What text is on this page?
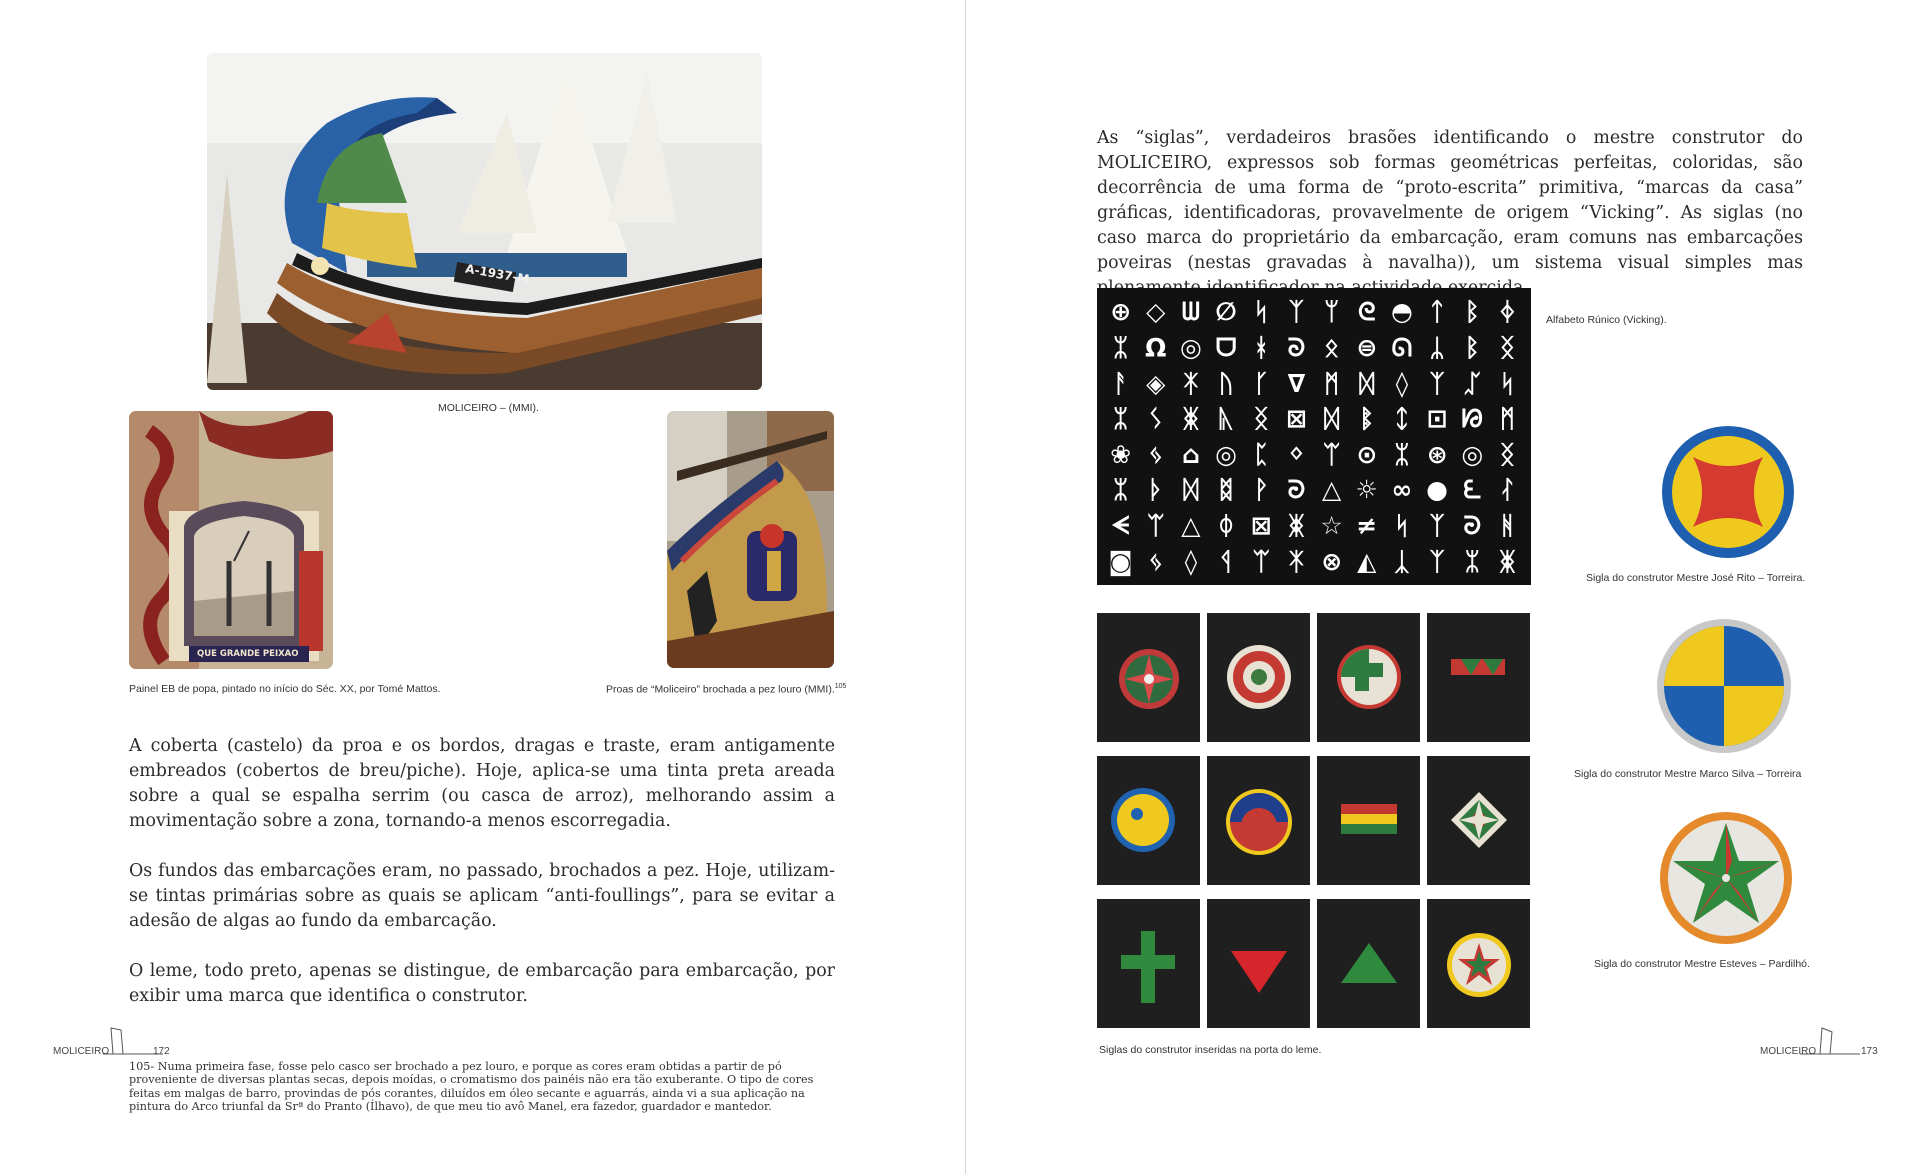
A-1937-M
MOLICEIRO – (MMI).
QUE GRANDE PEIXAO
Painel EB de popa, pintado no início do Séc. XX, por Tomé Mattos.	Proas de “Moliceiro” brochada a pez louro (MMI).$^{105}$

A coberta (castelo) da proa e os bordos, dragas e traste, eram antigamente embreados (cobertos de breu/piche). Hoje, aplica-se uma tinta preta areada sobre a qual se espalha serrim (ou casca de arroz), melhorando assim a movimentação sobre a zona, tornando-a menos escorregadia.

Os fundos das embarcações eram, no passado, brochados a pez. Hoje, utilizam-se tintas primárias sobre as quais se aplicam “anti-foullings”, para se evitar a adesão de algas ao fundo da embarcação.

O leme, todo preto, apenas se distingue, de embarcação para embarcação, por exibir uma marca que identifica o construtor.

MOLICEIRO	172
105- Numa primeira fase, fosse pelo casco ser brochado a pez louro, e porque as cores eram obtidas a partir de pó proveniente de diversas plantas secas, depois moídas, o cromatismo dos painéis não era tão exuberante. O tipo de cores feitas em malgas de barro, provindas de pós corantes, diluídos em óleo secante e aguarrás, ainda vi a sua aplicação na pintura do Arco triunfal da Srª do Pranto (Ílhavo), de que meu tio avô Manel, era fazedor, guardador e mantedor.
As “siglas”, verdadeiros brasões identificando o mestre construtor do MOLICEIRO, expressos sob formas geométricas perfeitas, coloridas, são decorrência de uma forma de “proto-escrita” primitiva, “marcas da casa” gráficas, identificadoras, provavelmente de origem “Vicking”. As siglas (no caso marca do proprietário da embarcação, eram comuns nas embarcações poveiras (nestas gravadas à navalha)), um sistema visual simples mas
⊕ ◇ ᗯ ∅ ᛋ ᛉ ᛘ ᘓ ◓ ᛏ ᛒ ᛄ
ᛯ Ω ◎ ᗜ ᚼ ᘐ ᛟ ⊜ ᘏ ᛦ ᛒ ᛝ
ᚨ ◈ ᛡ ᚢ ᚴ ∇ ᛗ ᛞ ◊ ᛉ ᛢ ᛋ
ᛯ ᛊ ᛤ ᚣ ᛝ ⊠ ᛞ ᛔ ᛨ ⊡ ᘙ ᛗ
❀ ᛃ ⌂ ◎ ᛈ ᛜ ᛠ ⊙ ᛯ ⊛ ◎ ᛝ
ᛯ ᚦ ᛞ ᛥ ᚹ ᘒ △ ☼ ∞ ● ᘍ ᛮ
ᗕ ᛠ △ ᛰ ⊠ ᛤ ☆ ≠ ᛋ ᛉ ᘒ ᚻ
◙ ᛃ ◊ ᛩ ᛠ ᛡ ⊗ ◭ ᛣ ᛉ ᛯ ᛤ
Alfabeto Rúnico (Vicking).
Siglas do construtor inseridas na porta do leme.
Sigla do construtor Mestre José Rito – Torreira.
Sigla do construtor Mestre Marco Silva – Torreira
Sigla do construtor Mestre Esteves – Pardilhó.
MOLICEIRO	173
